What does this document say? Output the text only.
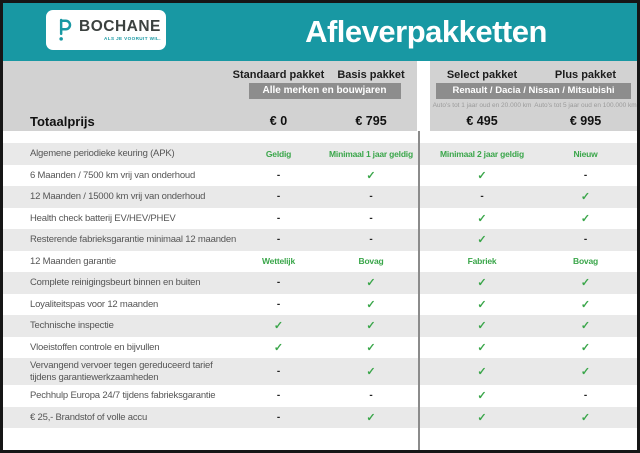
BOCHANE
ALS JE VOORUIT WIL.	Afleverpakketten
Standaard pakket	Basis pakket	Select pakket	Plus pakket
Alle merken en bouwjaren	Renault / Dacia / Nissan / Mitsubishi
Auto's tot 1 jaar oud en 20.000 km Auto's tot 5 jaar oud en 100.000 km
Totaalprijs	€ 0	€ 795	€ 495	€ 995
Algemene periodieke keuring (APK)	Geldig	Minimaal 1 jaar geldig	Minimaal 2 jaar geldig	Nieuw
6 Maanden / 7500 km vrij van onderhoud	-	✓	✓	-
12 Maanden / 15000 km vrij van onderhoud	-	-	-	✓
Health check batterij EV/HEV/PHEV	-	-	✓	✓
Resterende fabrieksgarantie minimaal 12 maanden	-	-	✓	-
12 Maanden garantie	Wettelijk	Bovag	Fabriek	Bovag
Complete reinigingsbeurt binnen en buiten	-	✓	✓	✓
Loyaliteitspas voor 12 maanden	-	✓	✓	✓
Technische inspectie	✓	✓	✓	✓
Vloeistoffen controle en bijvullen	✓	✓	✓	✓
Vervangend vervoer tegen gereduceerd tarief tijdens garantiewerkzaamheden	-	✓	✓	✓
Pechhulp Europa 24/7 tijdens fabrieksgarantie	-	-	✓	-
€ 25,- Brandstof of volle accu	-	✓	✓	✓
